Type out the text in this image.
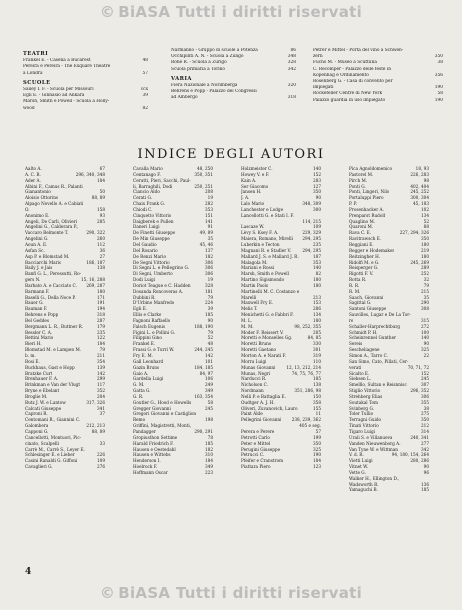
© BiASA Tutti i diritti riservati
TEATRI
Frankel E. - Casena a Bucarest	48
Pereira e Pereira - The Exquare Theatre
a Londra	57
SCUOLE
Sailey I. F. - Scuola per Missouri	ccx
Egli E. - Ginnasio ad Ankara	39
Marsh, Smith e Powell - Scuola a Holly-
wood	82
Narmanno - Gruppo di scuole a Potenza	86
Occhipinti A. N. - Scuola a Zungo	348
Rohe R. - Scuola a Zurigo	328
Scuola primaria a Torino	342
VARIA
Fiera Nazionale a Norimberga	320
Behrens e Popp - Palazzo dei Congressi
ad Ambergo	318
Petrer e Mittel - Porta del vino a Schwen-
zern	350
Fuchs M. - Museo a Scuttuna	38
C. Recomper - Palazzo delle feste in
Kopenhag e Ordinamento	356
Rosenberg G. - Casa di convento per
impiegati	190
Rockefeller Centre di New York	58
Palazzo guardia in uso impiegato	190
INDICE DEGLI AUTORI
Aalto A.	67
A. C. R.	296, 340, 348
Ader A.	184
Albini F., Camus R., Palanti
Gianantonio	50
Aloisio Ottorino	88, 89
Alpago Novello A. e Cabiati
O.	158
Anonimo E.	93
Angeli, De Carli, Olivieri	285
Angelini G., Calderara P.,
Vaccaro Belmonte T.	290, 322
Angelini G.	260
Aoun A. E.	112
Asfan Sc.	36
Asp P. e Blomstad M.	27
Bacciarchi Mario	186, 187
Baily J. e Jais	138
Banfi G. L., Peressutti, Ro-
gers N.	15, 16, 288
Barbato A. e Cacciato C. 269, 287
Barmann F.	180
Baselli G., Della Noce P.	171
Bauer G.	191
Bauman F.	194
Behrens e Popp	318
Bel Geddes	287
Bergmann L. R., Buttner R.	179
Bessler C. A.	235
Bettini Mario	122
Bieri H.	184
Blomstad M. e Lampen M.	79
b. m.	211
Bosi E.	354
Buckhaus, Gast e Hopp	139
Bratzke Curt	142
Brenhauer F. A.	299
Brinkman e Van der Vlugt	117
Bryne e Ebelant	352
Broglie M.	204
Butz J. W. e Lantow	317, 326
Calcati Giuseppe	341
Caproni R.	37
Centomani R., Giannini C.
Galombera	212, 213
Capponi G.	88, 89
Cancellotti, Montuori, Pic-
cinato, Scalpelli	33
Carrè M., Carrè S., Leyer E.
Schlesinger E. e Lieber	226
Casini Ranaldi G. Giffoni	109
Cavaglieri G.	276
Cavalla Mario	48, 250
Centanago F.	350, 351
Cerutti, Pieri, Sacchi, Paul-
li, Barraghili, Dodi	250, 251
Ciancio Aldo	208
Cerati G.	19
Chaix Frank G.	282
Chiodi C.	353
Cinquetto Vittorio	151
Daigberek e Pullen	141
Daneri Luigi	91
De Finetti Giuseppe	49, 89
De Min Giuseppe	35
Del Gaudio	45, 46
Del Rosario	137
De Renzi Mario	182
De Segni Vittorio	306
Di Segni L. e Pellegrino G.	306
Di Segni, Umberto	306
Dodi Luigi	19
Doriot Teague e C. Hadden	328
Dosanda Roncoveras A.	181
Dubbini R.	79
D'Urbino Manfredo	224
Egli E.	39
Ellis e Clarke	185
Fagnoni Raffaello	90
Falsch Eugenio	188, 190
Figini L. e Pollini G.	79
Filippini Gino	52
Frankel E.	48
Frassi G. e Turri W.	244, 245
Fry E. M.	142
Gall Leonhard	101
Gazin Bruno	184, 185
Gaio A.	84, 97
Gardella Luigi	106
G. M.	249
Gatta G.	349
G. R.	163, 354
Goutler G., Hood e Howells	58
Gregger Giovanni	245
Gregori Giovanni e Castiglion
Remo	198
Griffini, Magistretti, Monti,
Pandagger	290, 291
Gropiusthon Settime	78
Harald Friedrich F.	185
Hausen e Oestedahl	182
Hausen e Wittebs	310
Henderson I.	184
Hoelrock F.	349
Hoffmann Oscar	223
Holzmeister C.	140
Howey V. e F.	152
Kain A.	283
Ser Giacomo	127
Jansen H.	350
J. A.	90
Lalo Mario	348, 309
Lanchester e Lodge	300
Lancellotti G. e Stati I. F.
114, 215
Lascaze W.	109
Lèvy S. Ksey F. A.	229, 329
Maiera, Romano, Mirelli 294, 295
Luberkin e Tecton	235
Magnani R. e Stadler V.	294, 295
Mallard J. S. e Mallard J. R.	187
Malagola M.	353
Mariani e Rossi	140
Marsh, Smith e Powell	82
Martino Sigismondo	180
Martin Paolo	180
Martinelli M. C. Costanzo e
Marelli	213
Maxwell Fry E.	153
Melis T.	286
Menichetti G. e Fabbri F.	134
M. L.	180
M. M.	98, 252, 355
Moder F. Reissert V.	205
Moretti e Monselles Gg.	84, 85
Moretti Bruno	330
Moretti Gaetano	301
Morton A. e Narati F.	319
Morra Luigi	110
Munas Giovanni	12, 13, 212, 214
Munas, Negri	74, 75, 76, 77
Narducci R.	185
Nicholson C.	138
Nordmann	351, 286, 98
Nelli P. e Battaglia E.	150
Oudtger A. J. H.	358
Oliveri, Zuvanovich, Lauro	155
Paint Alde	11
Pellegrini Giovanni 238, 239, 362
405 e seg.
Perera e Perere	57
Petrotti Carlo	199
Peter e Mittel	350
Perugini Giuseppe	325
Petrucci C.	190
Pfeifer e Cranstrom	184
Piattara Piero	123
Pica Agnoldomenico	18, 93
Pastorel M.	226, 283
Pirch M.	98
Ponti G.	402, 404
Ponti, Lingeri, Nilo	245, 252
Portaluppi Piero	300, 304
P. P.	45, 183
Prosenhacker A.	102
Prenparst Rudolf	134
Quaglino M.	52
Quaroni M.	88
Rava C. E.	227, 294, 326
Ravitrawsch E.	350
Reggiani E.	180
Regger e Hodemaker	219
Reitzingher H.	180
Ridolfi M. e G.	245, 269
Reisperger G.	289
Rigotti F. V.	252
Rotta R.	32
R. R.	79
R. M.	215
Saach, Giovanni	35
Sagittal G.	290
Santoni Giuseppe	308
Sauvilles, Lugar e De La Tor-
re	315
Schaller-Harprechtburg	272
Schmidt P. H.	100
Scheinrennel Gunther	140
Sereis	90
Sescheliagene	325
Simon A., Tarro C.	22
San Simo, Cato, Pillati, Cer-
verati	70, 71, 72
Sicalto E.	152
Siebsen L.	245
Smelllo, Sultan e Reisnnisc	307
Stiglio Vittorio	296, 352
Strehberg Elias	306
Soutakal Tom	355
Svinberg G.	38
Toler Tullio	275
Terragni Guido	350
Tinati Vittorio	212
Tigaro Luigi	314
Urali S. e Villanueva	240, 341
Vanden Nieuwenborg A.	277
Van Tyne W. e Wittman	342
V. d. R.	94, 180, 154, 264
Vietti Luigi	280, 286
Vitnet W.	90
Vette G.	96
Walker H., Ellington D.,
Wadsworth R.	136
Yamaguchi B.	185
4
© BiASA Tutti i diritti riservati
